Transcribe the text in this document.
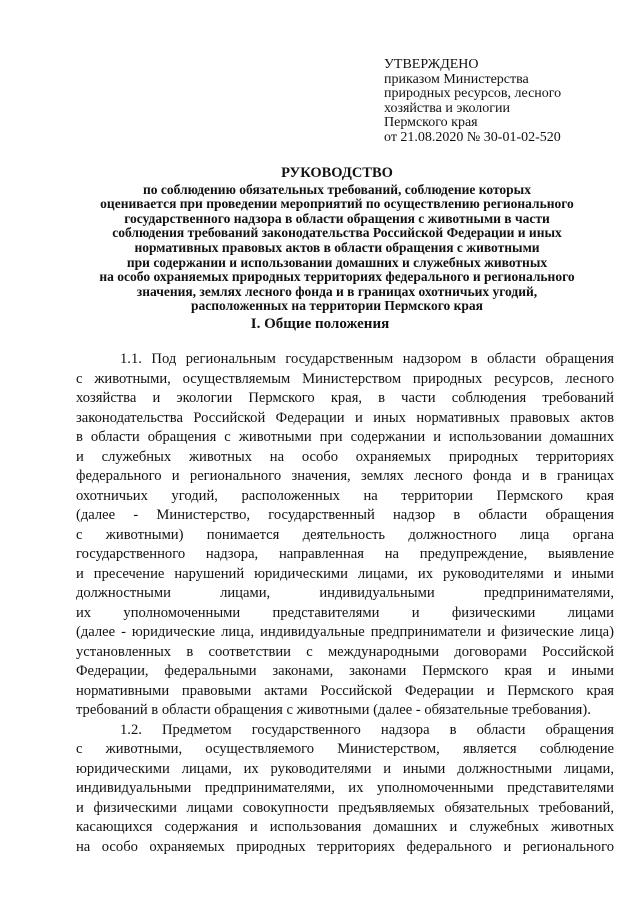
УТВЕРЖДЕНО
приказом Министерства
природных ресурсов, лесного
хозяйства и экологии
Пермского края
от 21.08.2020 № 30-01-02-520
РУКОВОДСТВО
по соблюдению обязательных требований, соблюдение которых
оценивается при проведении мероприятий по осуществлению регионального
государственного надзора в области обращения с животными в части
соблюдения требований законодательства Российской Федерации и иных
нормативных правовых актов в области обращения с животными
при содержании и использовании домашних и служебных животных
на особо охраняемых природных территориях федерального и регионального
значения, землях лесного фонда и в границах охотничьих угодий,
расположенных на территории Пермского края
I. Общие положения
1.1. Под региональным государственным надзором в области обращения
с животными, осуществляемым Министерством природных ресурсов, лесного
хозяйства и экологии Пермского края, в части соблюдения требований
законодательства Российской Федерации и иных нормативных правовых актов
в области обращения с животными при содержании и использовании домашних
и служебных животных на особо охраняемых природных территориях
федерального и регионального значения, землях лесного фонда и в границах
охотничьих угодий, расположенных на территории Пермского края
(далее - Министерство, государственный надзор в области обращения
с животными) понимается деятельность должностного лица органа
государственного надзора, направленная на предупреждение, выявление
и пресечение нарушений юридическими лицами, их руководителями и иными
должностными лицами, индивидуальными предпринимателями,
их уполномоченными представителями и физическими лицами
(далее - юридические лица, индивидуальные предприниматели и физические лица)
установленных в соответствии с международными договорами Российской
Федерации, федеральными законами, законами Пермского края и иными
нормативными правовыми актами Российской Федерации и Пермского края
требований в области обращения с животными (далее - обязательные требования).
1.2. Предметом государственного надзора в области обращения
с животными, осуществляемого Министерством, является соблюдение
юридическими лицами, их руководителями и иными должностными лицами,
индивидуальными предпринимателями, их уполномоченными представителями
и физическими лицами совокупности предъявляемых обязательных требований,
касающихся содержания и использования домашних и служебных животных
на особо охраняемых природных территориях федерального и регионального
